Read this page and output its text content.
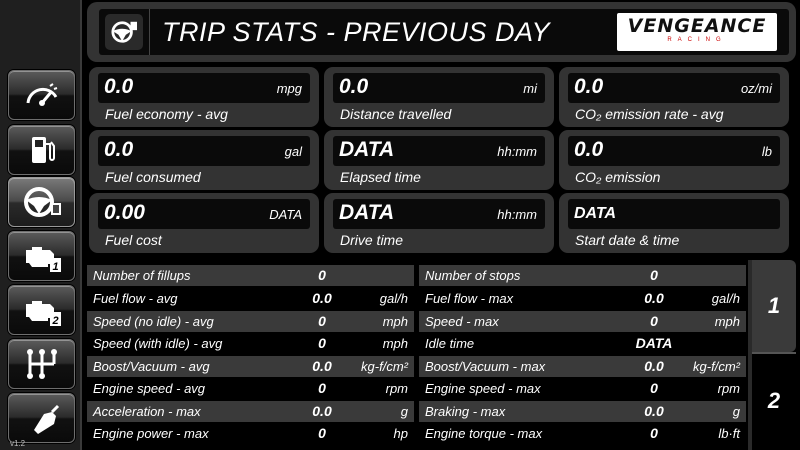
1
2
v1.2
TRIP STATS - PREVIOUS DAY	VENGEANCE
RACING
0.0	mpg
Fuel economy - avg
0.0	mi
Distance travelled
0.0	oz/mi
CO₂ emission rate - avg
0.0	gal
Fuel consumed
DATA	hh:mm
Elapsed time
0.0	lb
CO₂ emission
0.00	DATA
Fuel cost
DATA	hh:mm
Drive time
DATA
Start date & time
Number of fillups	0
Fuel flow - avg	0.0	gal/h
Speed (no idle) - avg	0	mph
Speed (with idle) - avg	0	mph
Boost/Vacuum - avg	0.0	kg-f/cm²
Engine speed - avg	0	rpm
Acceleration - max	0.0	g
Engine power - max	0	hp
Number of stops	0
Fuel flow - max	0.0	gal/h
Speed - max	0	mph
Idle time	DATA
Boost/Vacuum - max	0.0	kg-f/cm²
Engine speed - max	0	rpm
Braking - max	0.0	g
Engine torque - max	0	lb·ft
1
2
